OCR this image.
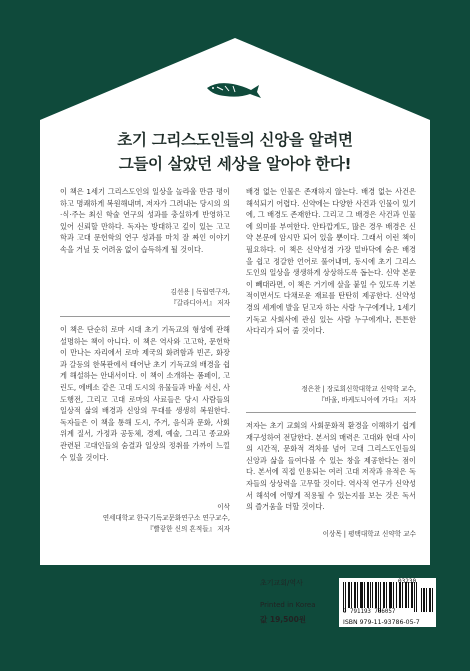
초기 그리스도인들의 신앙을 알려면
그들이 살았던 세상을 알아야 한다!

이 책은 1세기 그리스도인의 일상을 놀라울 만큼 평이하고 명쾌하게 복원해내며, 저자가 그려내는 당시의 의·식·주는 최신 학술 연구의 성과를 충실하게 반영하고 있어 신뢰할 만하다. 독자는 방대하고 깊이 있는 고고학과 고대 문헌학의 연구 성과를 마치 잘 짜인 이야기 속을 거닐 듯 어려움 없이 습득하게 될 것이다.

김선용 | 독립연구자,
『갈라디아서』 저자

이 책은 단순히 로마 시대 초기 기독교의 형성에 관해 설명하는 책이 아니다. 이 책은 역사와 고고학, 문헌학이 만나는 자리에서 로마 제국의 화려함과 빈곤, 화장과 갈등의 한복판에서 태어난 초기 기독교의 배경을 쉽게 해설하는 안내서이다. 이 책이 소개하는 폼페이, 고린도, 에베소 같은 고대 도시의 유물들과 바울 서신, 사도행전, 그리고 고대 로마의 사료들은 당시 사람들의 일상적 삶의 배경과 신앙의 무대를 생생히 복원한다. 독자들은 이 책을 통해 도시, 주거, 음식과 문화, 사회 위계 질서, 가정과 공동체, 경제, 예술, 그리고 종교와 관련된 고대인들의 숨결과 일상의 정취를 가까이 느낄 수 있을 것이다.

이삭
연세대학교 한국기독교문화연구소 연구교수,
『빨갛한 신의 흔적들』 저자

배경 없는 인물은 존재하지 않는다. 배경 없는 사건은 해석되기 어렵다. 신약에는 다양한 사건과 인물이 있기에, 그 배경도 존재한다. 그리고 그 배경은 사건과 인물에 의미를 부여한다. 안타깝게도, 많은 경우 배경은 신약 본문에 암시만 되어 있을 뿐이다. 그래서 이런 책이 필요하다. 이 책은 신약성경 가장 밑바닥에 숨은 배경을 쉽고 정갈한 언어로 풀어내며, 동시에 초기 그리스도인의 일상을 생생하게 상상하도록 돕는다. 신약 본문이 빼대라면, 이 책은 거기에 살을 붙일 수 있도록 기본적이면서도 다채로운 재료를 탄탄히 제공한다. 신약성경의 세계에 발을 딛고자 하는 사람 누구에게나, 1세기 기독교 사회사에 관심 있는 사람 누구에게나, 튼튼한 사다리가 되어 줄 것이다.

정은찬 | 장로회신학대학교 신약학 교수,
『바울, 바케도니아에 가다』 저자

저자는 초기 교회의 사회문화적 환경을 이해하기 쉽게 재구성하여 전달한다. 본서의 매력은 고대와 현대 사이의 시간적, 문화적 격차를 넘어 고대 그리스도인들의 신앙과 삶을 들여다볼 수 있는 창을 제공한다는 점이다. 본서에 직접 인용되는 여러 고대 저작과 유적은 독자들의 상상력을 고무할 것이다. 역사적 연구가 신약성서 해석에 어떻게 적용될 수 있는지를 보는 것은 독서의 즐거움을 더할 것이다.

이상목 | 평택대학교 신약학 교수
초기교회/역사
Printed in Korea
값 19,500원
03230
9 791193 786057
ISBN 979-11-93786-05-7
